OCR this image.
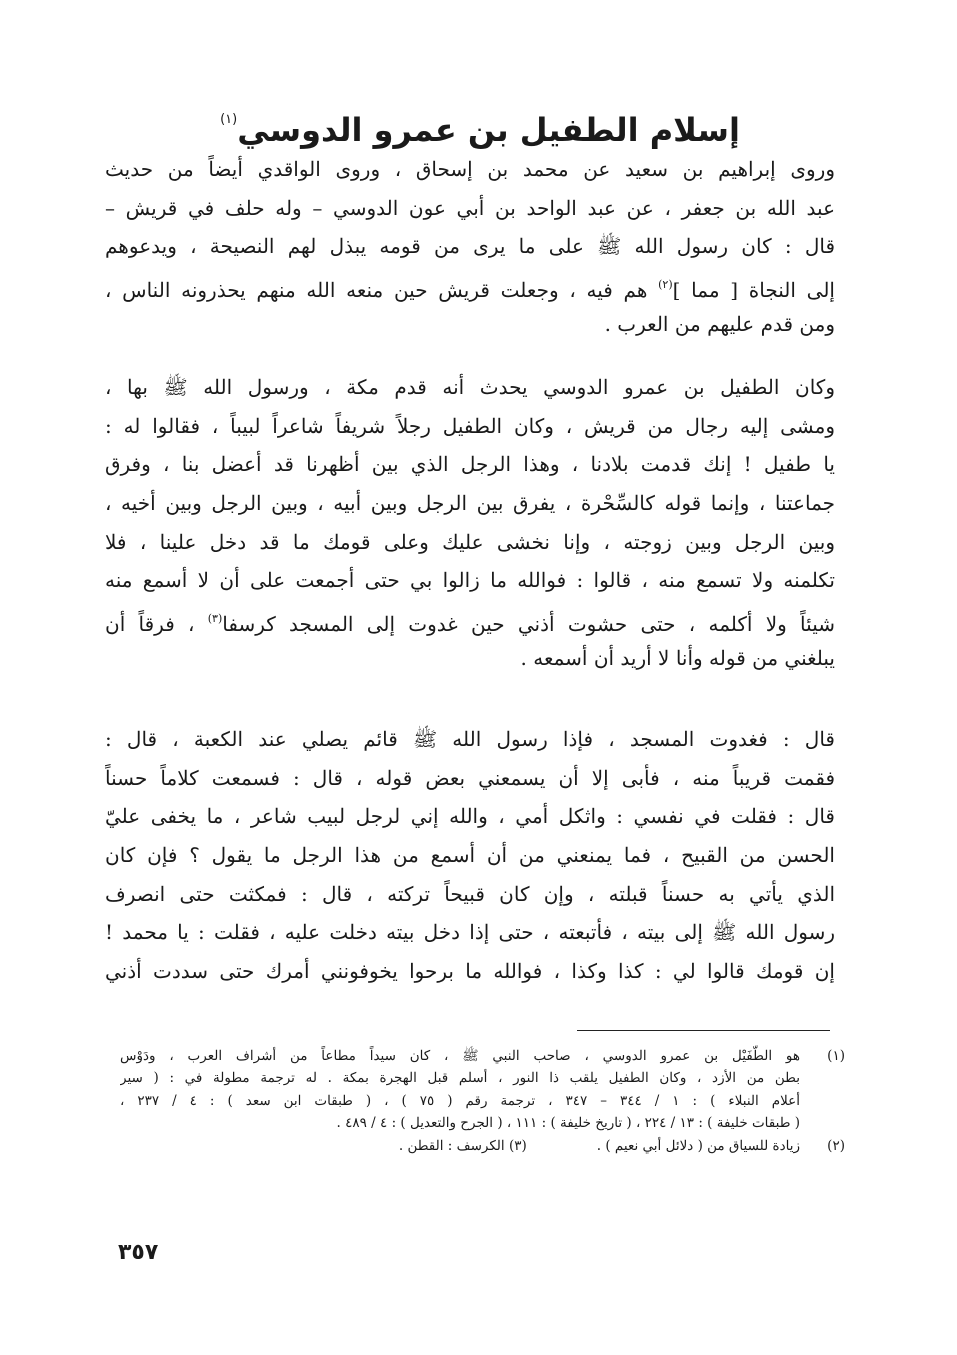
إسلام الطفيل بن عمرو الدوسي$^{(١)}$
وروى إبراهيم بن سعيد عن محمد بن إسحاق ، وروى الواقدي أيضاً من حديث
عبد الله بن جعفر ، عن عبد الواحد بن أبي عون الدوسي – وله حلف في قريش –
قال : كان رسول الله ﷺ على ما يرى من قومه يبذل لهم النصيحة ، ويدعوهم
إلى النجاة [ مما ]$^{(٢)}$ هم فيه ، وجعلت قريش حين منعه الله منهم يحذرونه الناس ،
ومن قدم عليهم من العرب .
وكان الطفيل بن عمرو الدوسي يحدث أنه قدم مكة ، ورسول الله ﷺ بها ،
ومشى إليه رجال من قريش ، وكان الطفيل رجلاً شريفاً شاعراً لبيباً ، فقالوا له :
يا طفيل ! إنك قدمت بلادنا ، وهذا الرجل الذي بين أظهرنا قد أعضل بنا ، وفرق
جماعتنا ، وإنما قوله كالسِّحْرة ، يفرق بين الرجل وبين أبيه ، وبين الرجل وبين أخيه ،
وبين الرجل وبين زوجته ، وإنا نخشى عليك وعلى قومك ما قد دخل علينا ، فلا
تكلمنه ولا تسمع منه ، قالوا : فوالله ما زالوا بي حتى أجمعت على أن لا أسمع منه
شيئاً ولا أكلمه ، حتى حشوت أذني حين غدوت إلى المسجد كرسفا$^{(٣)}$ ، فرقاً أن
يبلغني من قوله وأنا لا أريد أن أسمعه .
قال : فغدوت المسجد ، فإذا رسول الله ﷺ قائم يصلي عند الكعبة ، قال :
فقمت قريباً منه ، فأبى إلا أن يسمعني بعض قوله ، قال : فسمعت كلاماً حسناً
قال : فقلت في نفسي : واثكل أمي ، والله إني لرجل لبيب شاعر ، ما يخفى عليّ
الحسن من القبيح ، فما يمنعني من أن أسمع من هذا الرجل ما يقول ؟ فإن كان
الذي يأتي به حسناً قبلته ، وإن كان قبيحاً تركته ، قال : فمكثت حتى انصرف
رسول الله ﷺ إلى بيته ، فأتبعته ، حتى إذا دخل بيته دخلت عليه ، فقلت : يا محمد !
إن قومك قالوا لي : كذا وكذا ، فوالله ما برحوا يخوفونني أمرك حتى سددت أذني
(١)
هو الطُّفَيْل بن عمرو الدوسي ، صاحب النبي ﷺ ، كان سيداً مطاعاً من أشراف العرب ، ودَوْس
بطن من الأزد ، وكان الطفيل يلقب ذا النور ، أسلم قبل الهجرة بمكة . له ترجمة مطولة في : ( سير
أعلام النبلاء ) : ١ / ٣٤٤ – ٣٤٧ ، ترجمة رقم ( ٧٥ ) ، ( طبقات ابن سعد ) : ٤ / ٢٣٧ ،
( طبقات خليفة ) : ١٣ / ٢٢٤ ، ( تاريخ خليفة ) : ١١١ ، ( الجرح والتعديل ) : ٤ / ٤٨٩ .
(٢)
زيادة للسياق من ( دلائل أبي نعيم ) .
(٣) الكرسف : القطن .
٣٥٧
